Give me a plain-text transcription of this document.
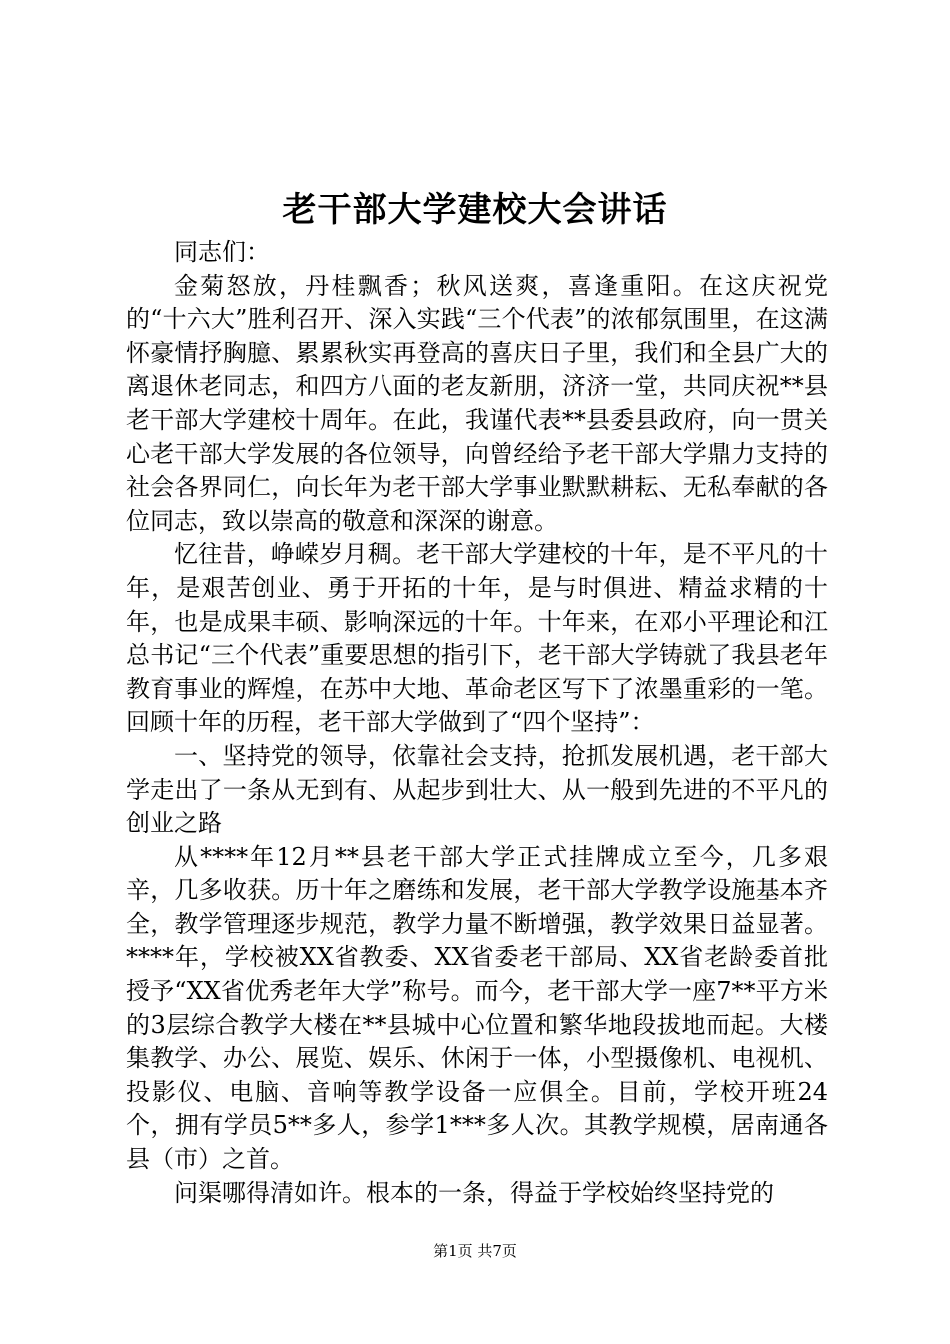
老干部大学建校大会讲话

同志们：

金菊怒放，丹桂飘香；秋风送爽，喜逢重阳。在这庆祝党的“十六大”胜利召开、深入实践“三个代表”的浓郁氛围里，在这满怀豪情抒胸臆、累累秋实再登高的喜庆日子里，我们和全县广大的离退休老同志，和四方八面的老友新朋，济济一堂，共同庆祝**县老干部大学建校十周年。在此，我谨代表**县委县政府，向一贯关心老干部大学发展的各位领导，向曾经给予老干部大学鼎力支持的社会各界同仁，向长年为老干部大学事业默默耕耘、无私奉献的各位同志，致以崇高的敬意和深深的谢意。

忆往昔，峥嵘岁月稠。老干部大学建校的十年，是不平凡的十年，是艰苦创业、勇于开拓的十年，是与时俱进、精益求精的十年，也是成果丰硕、影响深远的十年。十年来，在邓小平理论和江总书记“三个代表”重要思想的指引下，老干部大学铸就了我县老年教育事业的辉煌，在苏中大地、革命老区写下了浓墨重彩的一笔。回顾十年的历程，老干部大学做到了“四个坚持”：

一、坚持党的领导，依靠社会支持，抢抓发展机遇，老干部大学走出了一条从无到有、从起步到壮大、从一般到先进的不平凡的创业之路

从****年12月**县老干部大学正式挂牌成立至今，几多艰辛，几多收获。历十年之磨练和发展，老干部大学教学设施基本齐全，教学管理逐步规范，教学力量不断增强，教学效果日益显著。****年，学校被XX省教委、XX省委老干部局、XX省老龄委首批授予“XX省优秀老年大学”称号。而今，老干部大学一座7**平方米的3层综合教学大楼在**县城中心位置和繁华地段拔地而起。大楼集教学、办公、展览、娱乐、休闲于一体，小型摄像机、电视机、投影仪、电脑、音响等教学设备一应俱全。目前，学校开班24个，拥有学员5**多人，参学1***多人次。其教学规模，居南通各县（市）之首。

问渠哪得清如许。根本的一条，得益于学校始终坚持党的

第1页 共7页
